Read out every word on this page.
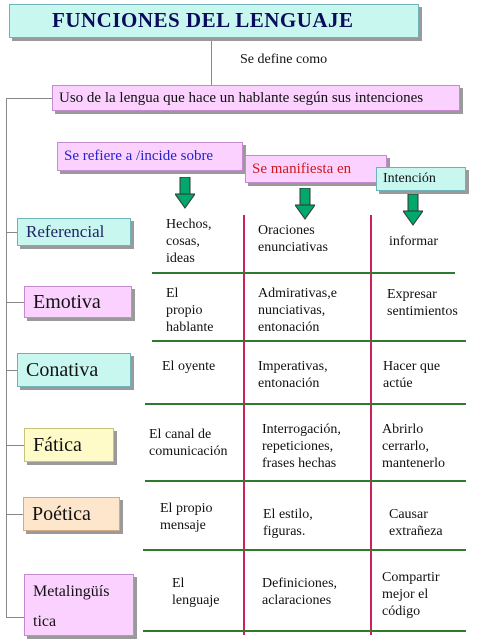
FUNCIONES DEL LENGUAJE
Se define como
Uso de la lengua que hace un hablante según sus intenciones
Se refiere a /incide sobre
Se manifiesta en
Intención
Referencial
Emotiva
Conativa
Fática
Poética
Metalingüís
tica
Hechos,
cosas,
ideas
Oraciones
enunciativas	informar
El
propio
hablante
Admirativas,e
nunciativas,
entonación
Expresar
sentimientos
El oyente	Imperativas,
entonación
Hacer que
actúe
El canal de
comunicación
Interrogación,
repeticiones,
frases hechas
Abrirlo
cerrarlo,
mantenerlo
El propio
mensaje
El estilo,
figuras.
Causar
extrañeza
El
lenguaje
Definiciones,
aclaraciones
Compartir
mejor el
código
